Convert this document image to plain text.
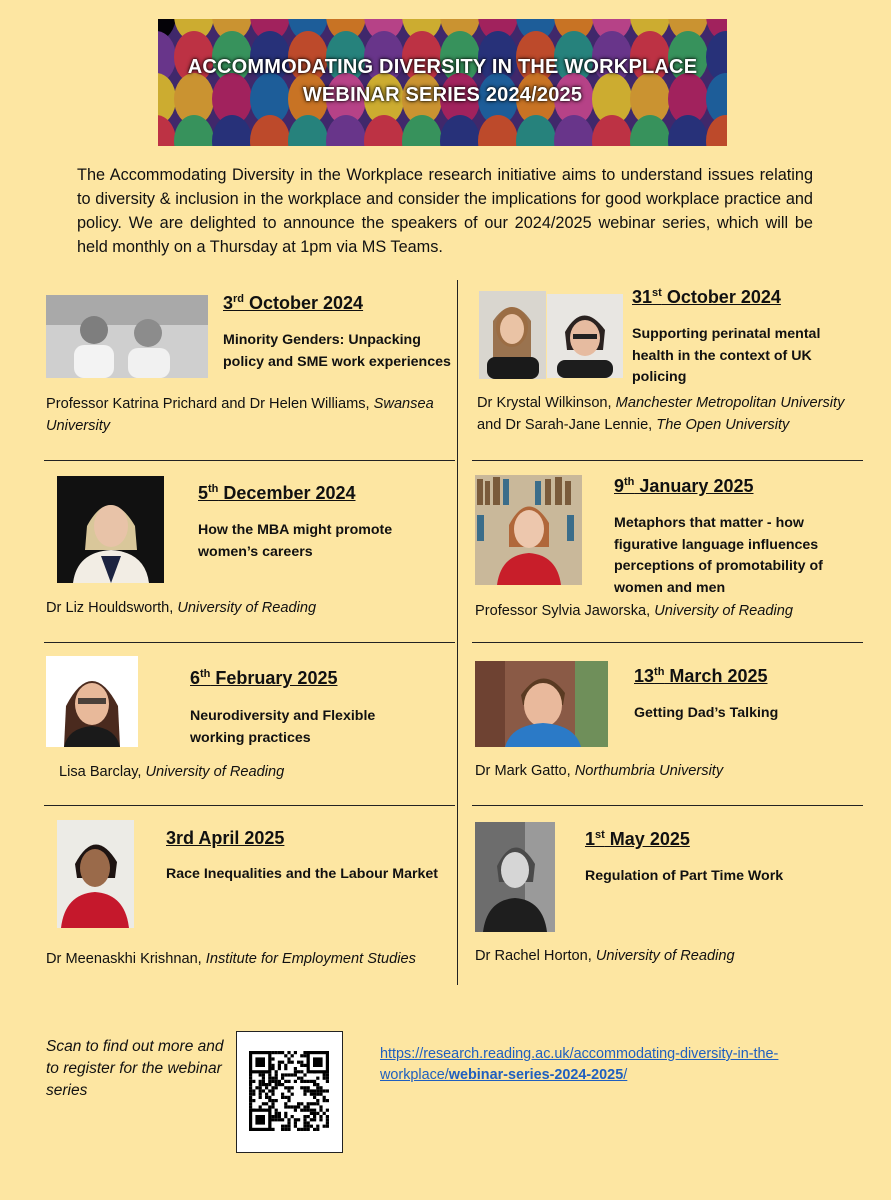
ACCOMMODATING DIVERSITY IN THE WORKPLACE
WEBINAR SERIES 2024/2025
The Accommodating Diversity in the Workplace research initiative aims to understand issues relating to diversity & inclusion in the workplace and consider the implications for good workplace practice and policy. We are delighted to announce the speakers of our 2024/2025 webinar series, which will be held monthly on a Thursday at 1pm via MS Teams.
3rd October 2024
Minority Genders: Unpacking policy and SME work experiences
Professor Katrina Prichard and Dr Helen Williams, Swansea University
31st October 2024
Supporting perinatal mental health in the context of UK policing
Dr Krystal Wilkinson, Manchester Metropolitan University and Dr Sarah-Jane Lennie, The Open University
5th December 2024
How the MBA might promote women’s careers
Dr Liz Houldsworth, University of Reading
9th January 2025
Metaphors that matter - how figurative language influences perceptions of promotability of women and men
Professor Sylvia Jaworska, University of Reading
6th February 2025
Neurodiversity and Flexible working practices
Lisa Barclay, University of Reading
13th March 2025
Getting Dad’s Talking
Dr Mark Gatto, Northumbria University
3rd April 2025
Race Inequalities and the Labour Market
Dr Meenaskhi Krishnan, Institute for Employment Studies
1st May 2025
Regulation of Part Time Work
Dr Rachel Horton, University of Reading
Scan to find out more and to register for the webinar series
https://research.reading.ac.uk/accommodating-diversity-in-the-workplace/webinar-series-2024-2025/
